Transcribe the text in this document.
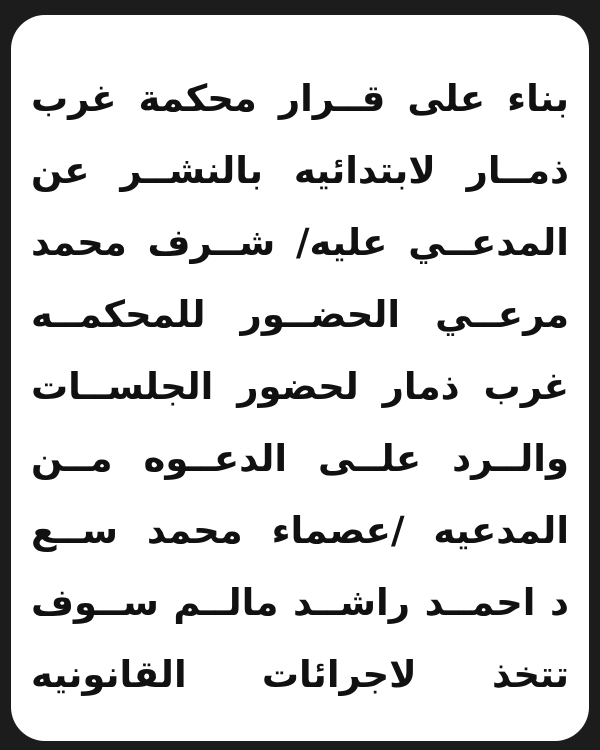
بناء على قــرار محكمة غرب
ذمــار لابتدائيه بالنشــر عن
المدعــي عليه/ شــرف محمد
مرعــي الحضــور للمحكمــه
غرب ذمار لحضور الجلســات
والــرد علــى الدعــوه مــن
المدعيه /عصماء محمد ســع
د احمــد راشــد مالــم ســوف
تتخذ لاجرائات القانونيه
